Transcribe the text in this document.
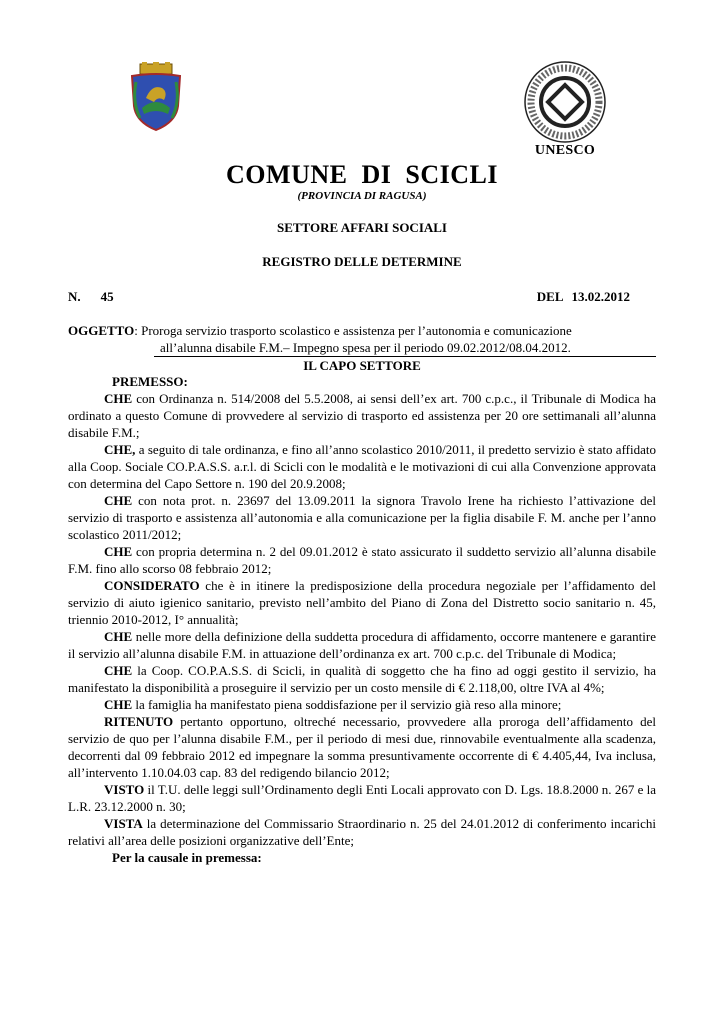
UNESCO
COMUNE  DI  SCICLI
(PROVINCIA DI RAGUSA)
SETTORE AFFARI SOCIALI
REGISTRO DELLE DETERMINE
N. 45	DEL 13.02.2012
OGGETTO: Proroga servizio trasporto scolastico e assistenza per l’autonomia e comunicazione
all’alunna disabile F.M.– Impegno spesa per il periodo 09.02.2012/08.04.2012.
IL CAPO SETTORE
PREMESSO:

CHE con Ordinanza n. 514/2008 del 5.5.2008, ai sensi dell’ex art. 700 c.p.c., il Tribunale di Modica ha ordinato a questo Comune di provvedere al servizio di trasporto ed assistenza per 20 ore settimanali all’alunna disabile F.M.;

CHE, a seguito di tale ordinanza, e fino all’anno scolastico 2010/2011, il predetto servizio è stato affidato alla Coop. Sociale CO.P.A.S.S. a.r.l. di Scicli con le modalità e le motivazioni di cui alla Convenzione approvata con determina del Capo Settore n. 190 del 20.9.2008;

CHE con nota prot. n. 23697 del 13.09.2011 la signora Travolo Irene ha richiesto l’attivazione del servizio di trasporto e assistenza all’autonomia e alla comunicazione per la figlia disabile F. M. anche per l’anno scolastico 2011/2012;

CHE con propria determina n. 2 del 09.01.2012 è stato assicurato il suddetto servizio all’alunna disabile F.M. fino allo scorso 08 febbraio 2012;

CONSIDERATO che è in itinere la predisposizione della procedura negoziale per l’affidamento del servizio di aiuto igienico sanitario, previsto nell’ambito del Piano di Zona del Distretto socio sanitario n. 45, triennio 2010-2012, I° annualità;

CHE nelle more della definizione della suddetta procedura di affidamento, occorre mantenere e garantire il servizio all’alunna disabile F.M. in attuazione dell’ordinanza ex art. 700 c.p.c. del Tribunale di Modica;

CHE la Coop. CO.P.A.S.S. di Scicli, in qualità di soggetto che ha fino ad oggi gestito il servizio, ha manifestato la disponibilità a proseguire il servizio per un costo mensile di € 2.118,00, oltre IVA al 4%;

CHE la famiglia ha manifestato piena soddisfazione per il servizio già reso alla minore;

RITENUTO pertanto opportuno, oltreché necessario, provvedere alla proroga dell’affidamento del servizio de quo per l’alunna disabile F.M., per il periodo di mesi due, rinnovabile eventualmente alla scadenza, decorrenti dal 09 febbraio 2012 ed impegnare la somma presuntivamente occorrente di € 4.405,44, Iva inclusa, all’intervento 1.10.04.03 cap. 83 del redigendo bilancio 2012;

VISTO il T.U. delle leggi sull’Ordinamento degli Enti Locali approvato con D. Lgs. 18.8.2000 n. 267 e la L.R. 23.12.2000 n. 30;

VISTA la determinazione del Commissario Straordinario n. 25 del 24.01.2012 di conferimento incarichi relativi all’area delle posizioni organizzative dell’Ente;

Per la causale in premessa:
